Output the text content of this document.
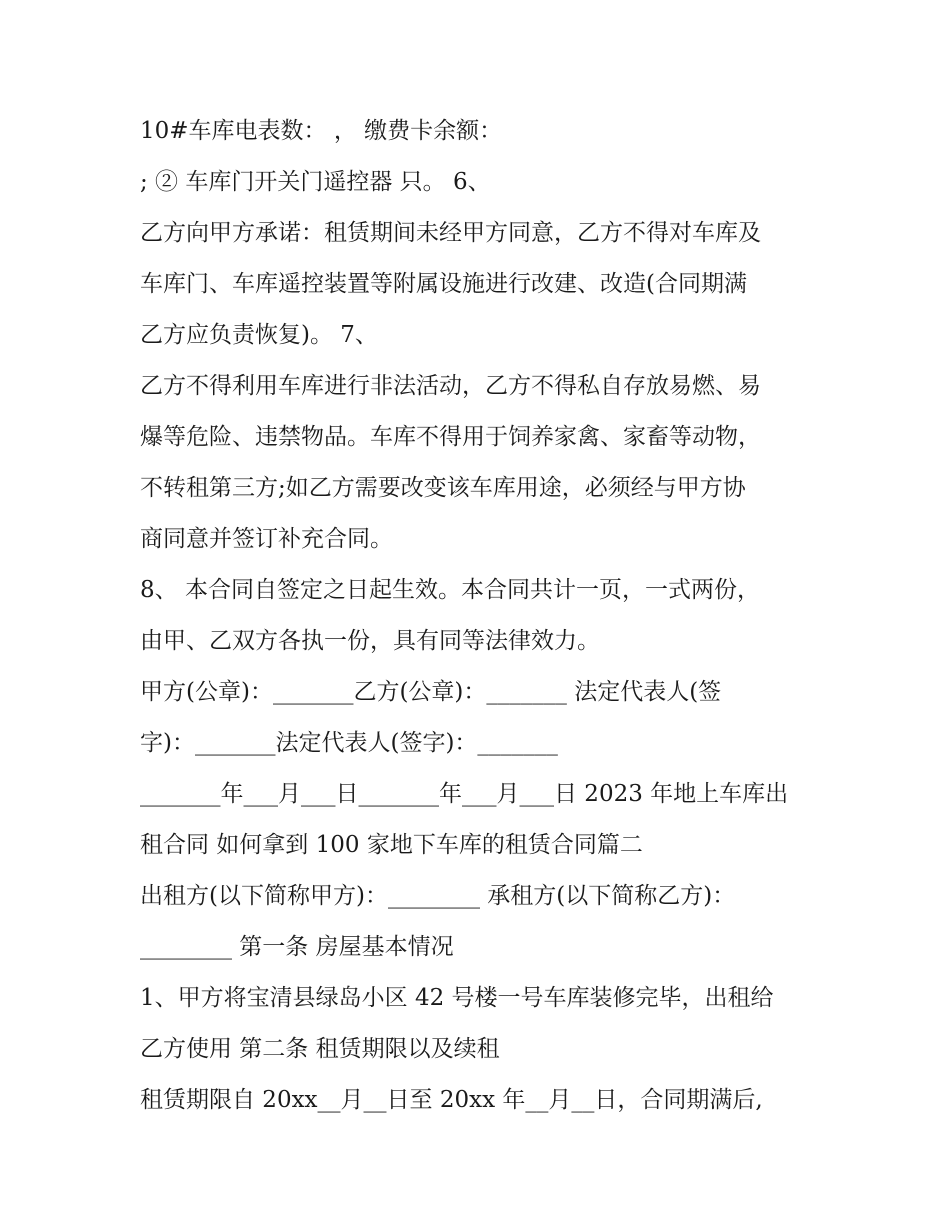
10#车库电表数： ， 缴费卡余额：
; ② 车库门开关门遥控器 只。 6、
乙方向甲方承诺：租赁期间未经甲方同意，乙方不得对车库及
车库门、车库遥控装置等附属设施进行改建、改造(合同期满
乙方应负责恢复)。 7、
乙方不得利用车库进行非法活动，乙方不得私自存放易燃、易
爆等危险、违禁物品。车库不得用于饲养家禽、家畜等动物，
不转租第三方;如乙方需要改变该车库用途，必须经与甲方协
商同意并签订补充合同。
8、 本合同自签定之日起生效。本合同共计一页，一式两份，
由甲、乙双方各执一份，具有同等法律效力。
甲方(公章)：_______乙方(公章)：_______ 法定代表人(签
字)：_______法定代表人(签字)：_______
_______年___月___日_______年___月___日 2023 年地上车库出
租合同 如何拿到 100 家地下车库的租赁合同篇二
出租方(以下简称甲方)：________ 承租方(以下简称乙方)：
________ 第一条 房屋基本情况
1、甲方将宝清县绿岛小区 42 号楼一号车库装修完毕，出租给
乙方使用 第二条 租赁期限以及续租
租赁期限自 20xx__月__日至 20xx 年__月__日，合同期满后,
